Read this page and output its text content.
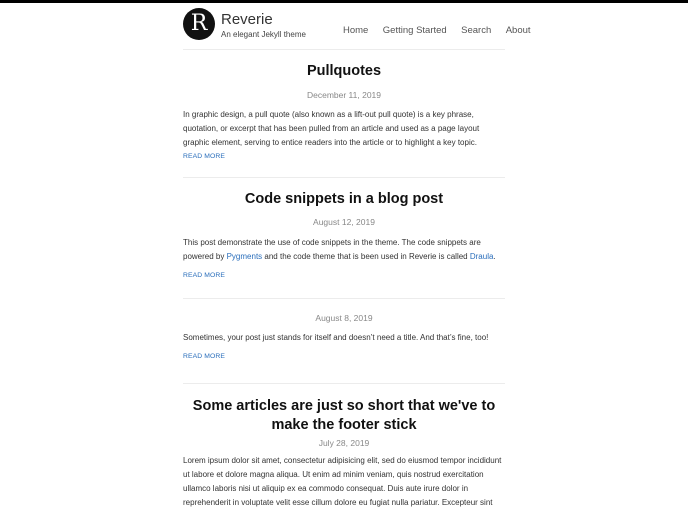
R Reverie
An elegant Jekyll theme	Home Getting Started Search About
Pullquotes
December 11, 2019
In graphic design, a pull quote (also known as a lift-out pull quote) is a key phrase, quotation, or excerpt that has been pulled from an article and used as a page layout graphic element, serving to entice readers into the article or to highlight a key topic.
READ MORE
Code snippets in a blog post
August 12, 2019
This post demonstrate the use of code snippets in the theme. The code snippets are powered by Pygments and the code theme that is been used in Reverie is called Draula.
READ MORE
August 8, 2019
Sometimes, your post just stands for itself and doesn’t need a title. And that’s fine, too!
READ MORE
Some articles are just so short that we've to make the footer stick
July 28, 2019
Lorem ipsum dolor sit amet, consectetur adipisicing elit, sed do eiusmod tempor incididunt ut labore et dolore magna aliqua. Ut enim ad minim veniam, quis nostrud exercitation ullamco laboris nisi ut aliquip ex ea commodo consequat. Duis aute irure dolor in reprehenderit in voluptate velit esse cillum dolore eu fugiat nulla pariatur. Excepteur sint
